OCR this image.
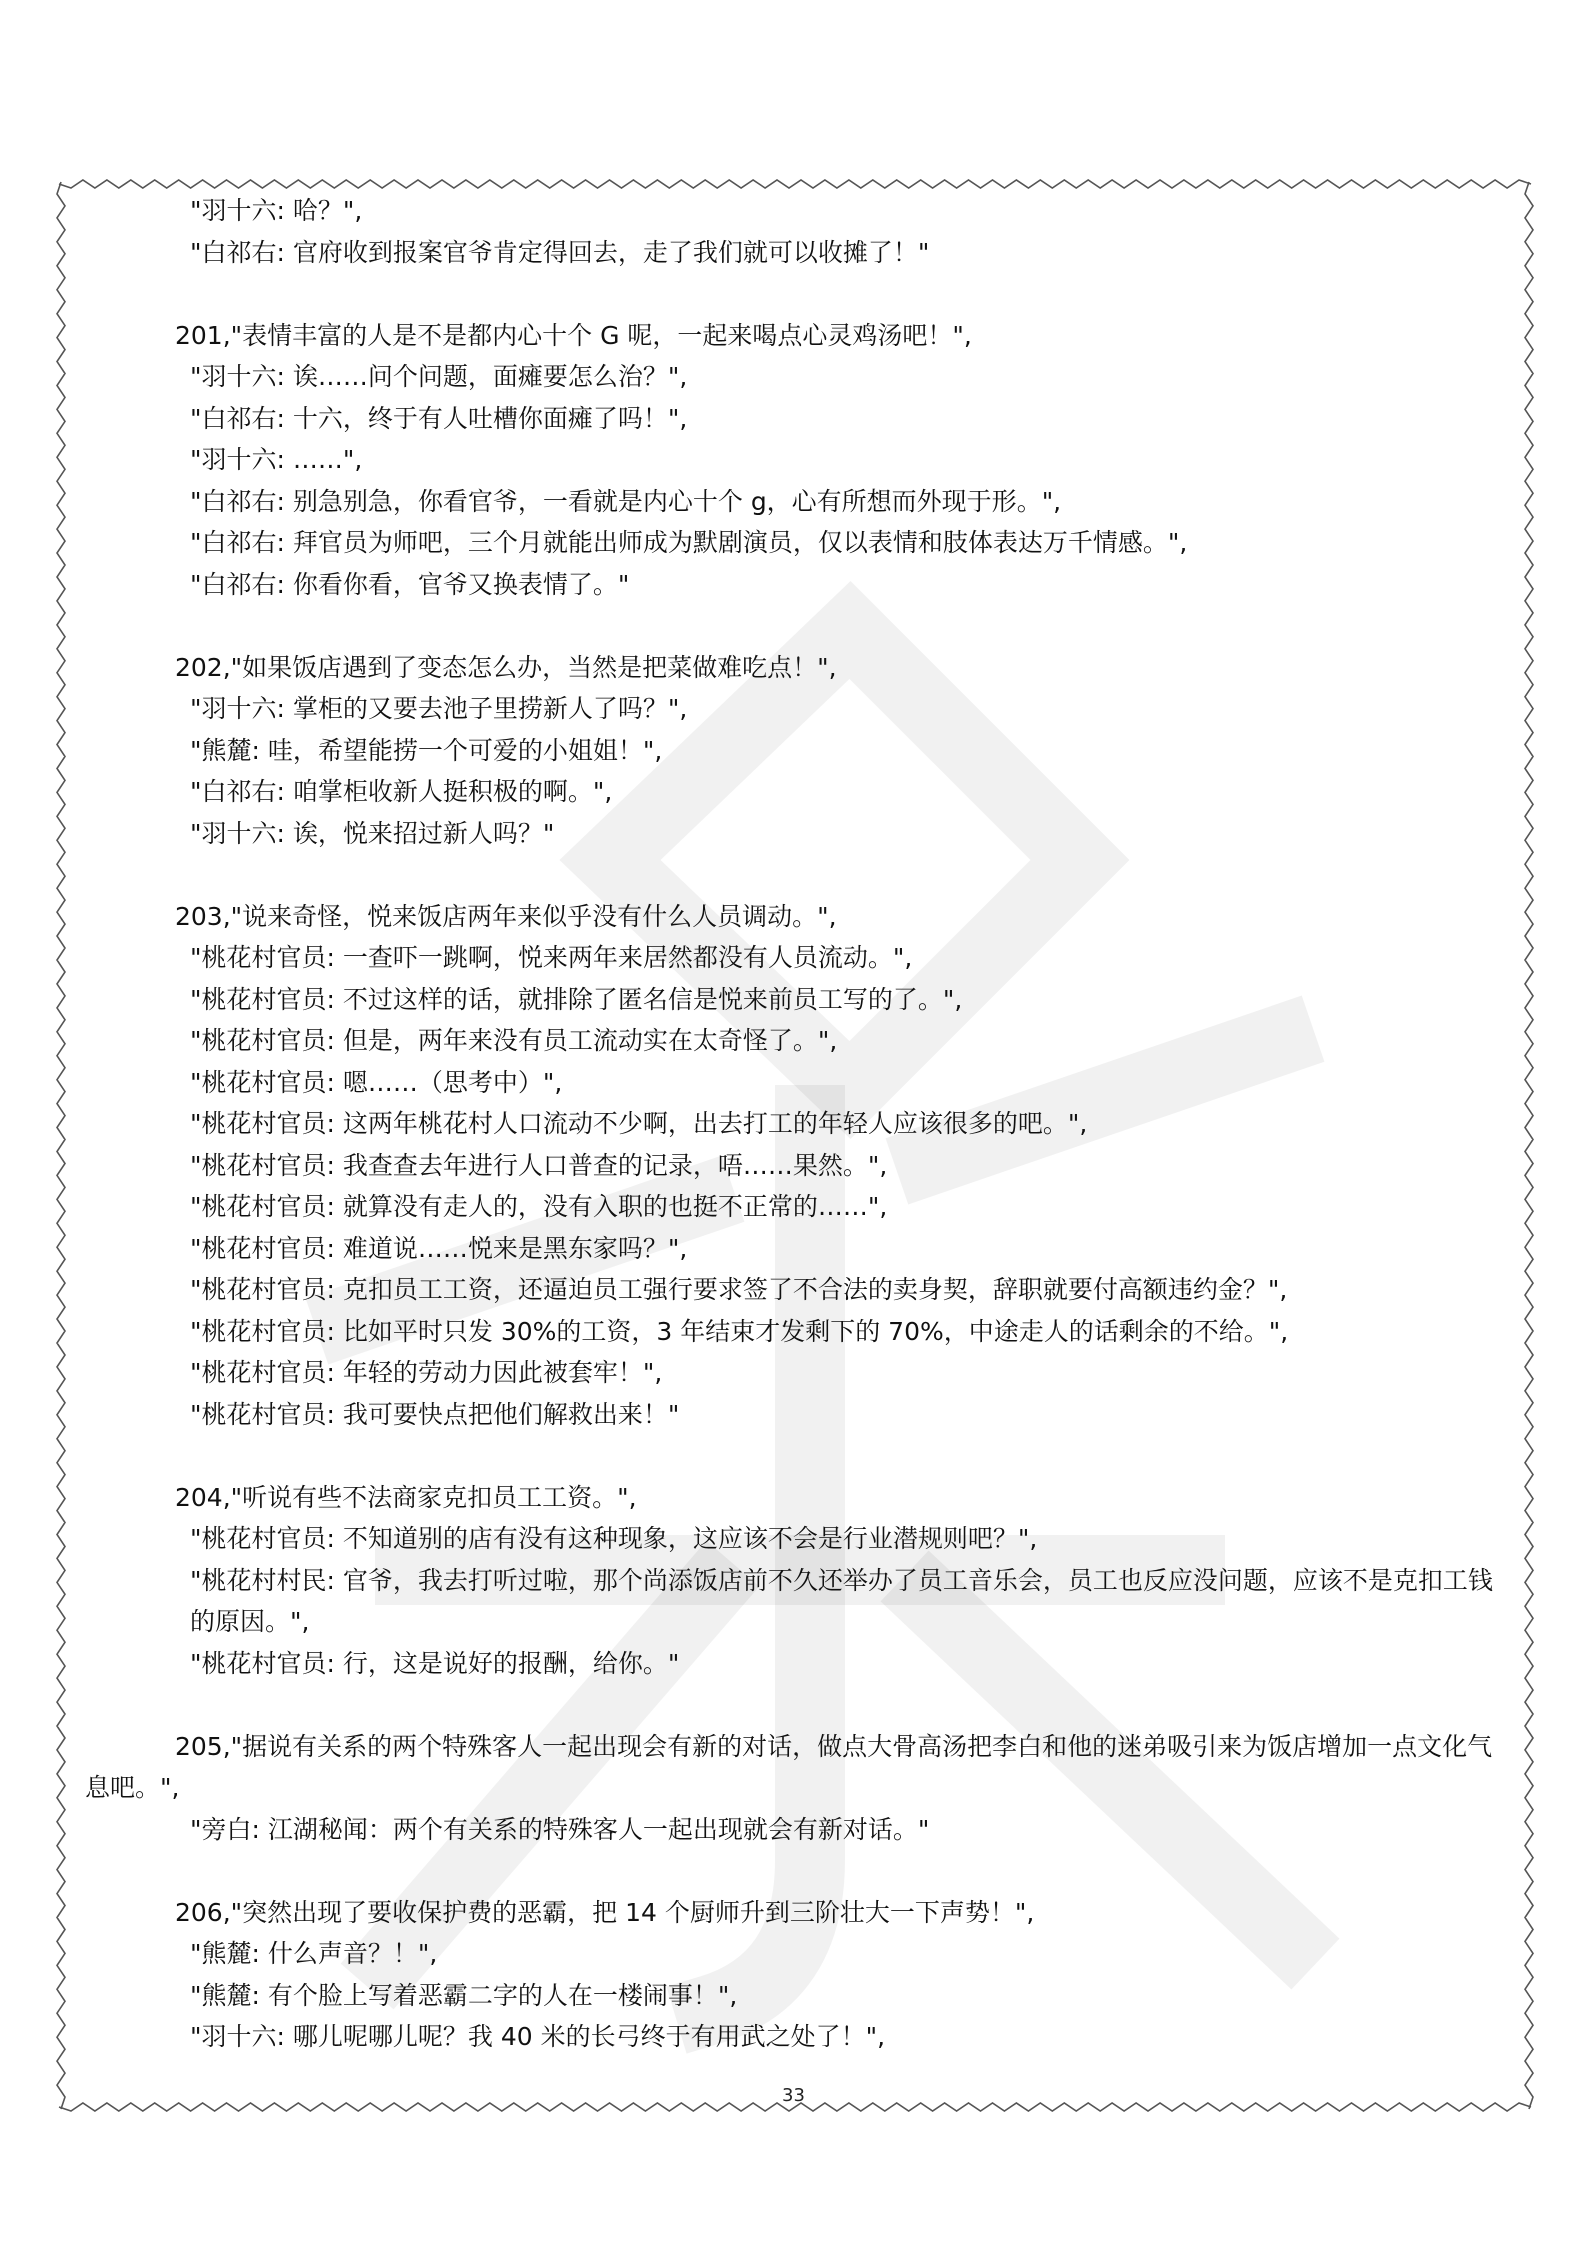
"羽十六: 哈？",
"白祁右: 官府收到报案官爷肯定得回去，走了我们就可以收摊了！"
201,"表情丰富的人是不是都内心十个 G 呢，一起来喝点心灵鸡汤吧！",
"羽十六: 诶……问个问题，面瘫要怎么治？",
"白祁右: 十六，终于有人吐槽你面瘫了吗！",
"羽十六: ……",
"白祁右: 别急别急，你看官爷，一看就是内心十个 g，心有所想而外现于形。",
"白祁右: 拜官员为师吧，三个月就能出师成为默剧演员，仅以表情和肢体表达万千情感。",
"白祁右: 你看你看，官爷又换表情了。"
202,"如果饭店遇到了变态怎么办，当然是把菜做难吃点！",
"羽十六: 掌柜的又要去池子里捞新人了吗？",
"熊麓: 哇，希望能捞一个可爱的小姐姐！",
"白祁右: 咱掌柜收新人挺积极的啊。",
"羽十六: 诶，悦来招过新人吗？"
203,"说来奇怪，悦来饭店两年来似乎没有什么人员调动。",
"桃花村官员: 一查吓一跳啊，悦来两年来居然都没有人员流动。",
"桃花村官员: 不过这样的话，就排除了匿名信是悦来前员工写的了。",
"桃花村官员: 但是，两年来没有员工流动实在太奇怪了。",
"桃花村官员: 嗯……（思考中）",
"桃花村官员: 这两年桃花村人口流动不少啊，出去打工的年轻人应该很多的吧。",
"桃花村官员: 我查查去年进行人口普查的记录，唔……果然。",
"桃花村官员: 就算没有走人的，没有入职的也挺不正常的……",
"桃花村官员: 难道说……悦来是黑东家吗？",
"桃花村官员: 克扣员工工资，还逼迫员工强行要求签了不合法的卖身契，辞职就要付高额违约金？",
"桃花村官员: 比如平时只发 30%的工资，3 年结束才发剩下的 70%，中途走人的话剩余的不给。",
"桃花村官员: 年轻的劳动力因此被套牢！",
"桃花村官员: 我可要快点把他们解救出来！"
204,"听说有些不法商家克扣员工工资。",
"桃花村官员: 不知道别的店有没有这种现象，这应该不会是行业潜规则吧？",
"桃花村村民: 官爷，我去打听过啦，那个尚添饭店前不久还举办了员工音乐会，员工也反应没问题，应该不是克扣工钱的原因。",
"桃花村官员: 行，这是说好的报酬，给你。"
205,"据说有关系的两个特殊客人一起出现会有新的对话，做点大骨高汤把李白和他的迷弟吸引来为饭店增加一点文化气息吧。",
"旁白: 江湖秘闻：两个有关系的特殊客人一起出现就会有新对话。"
206,"突然出现了要收保护费的恶霸，把 14 个厨师升到三阶壮大一下声势！",
"熊麓: 什么声音？！",
"熊麓: 有个脸上写着恶霸二字的人在一楼闹事！",
"羽十六: 哪儿呢哪儿呢？我 40 米的长弓终于有用武之处了！",
33
